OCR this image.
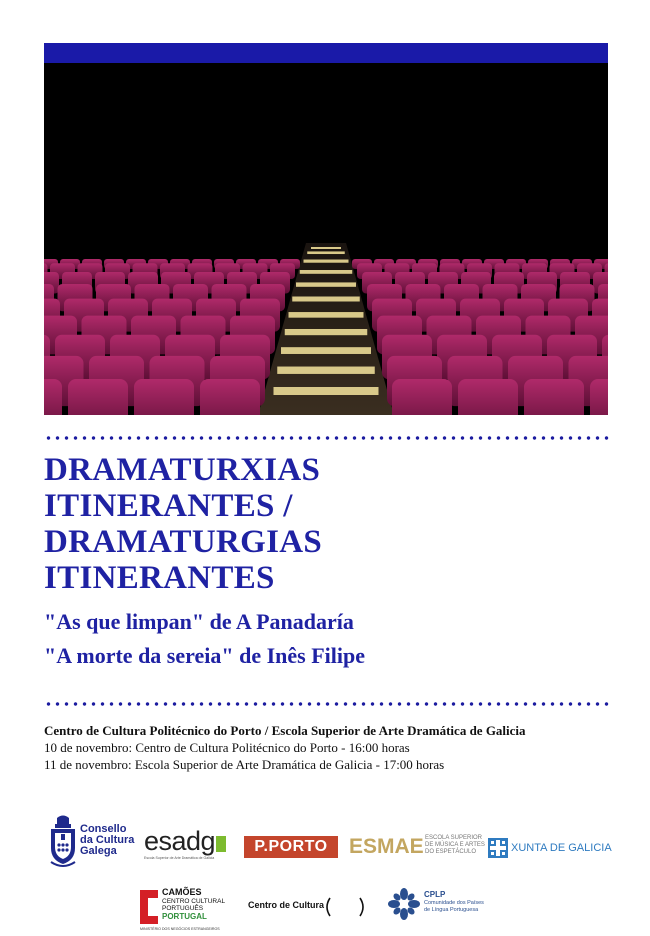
DRAMATURXIAS
ITINERANTES /
DRAMATURGIAS
ITINERANTES
"As que limpan" de A Panadaría
"A morte da sereia" de Inês Filipe
Centro de Cultura Politécnico do Porto / Escola Superior de Arte Dramática de Galicia
10 de novembro: Centro de Cultura Politécnico do Porto - 16:00 horas
11 de novembro: Escola Superior de Arte Dramática de Galicia - 17:00 horas
Consello
da Cultura
Galega	esadg
Escola Superior de Arte Dramática de Galicia
P.PORTO	ESMAE ESCOLA SUPERIOR
DE MÚSICA E ARTES
DO ESPETÁCULO	XUNTA DE GALICIA
CAMÕES
CENTRO CULTURAL
PORTUGUÊS
PORTUGAL
MINISTÉRIO DOS NEGÓCIOS ESTRANGEIROS
Centro de Cultura
CPLP
Comunidade dos Países
de Língua Portuguesa
